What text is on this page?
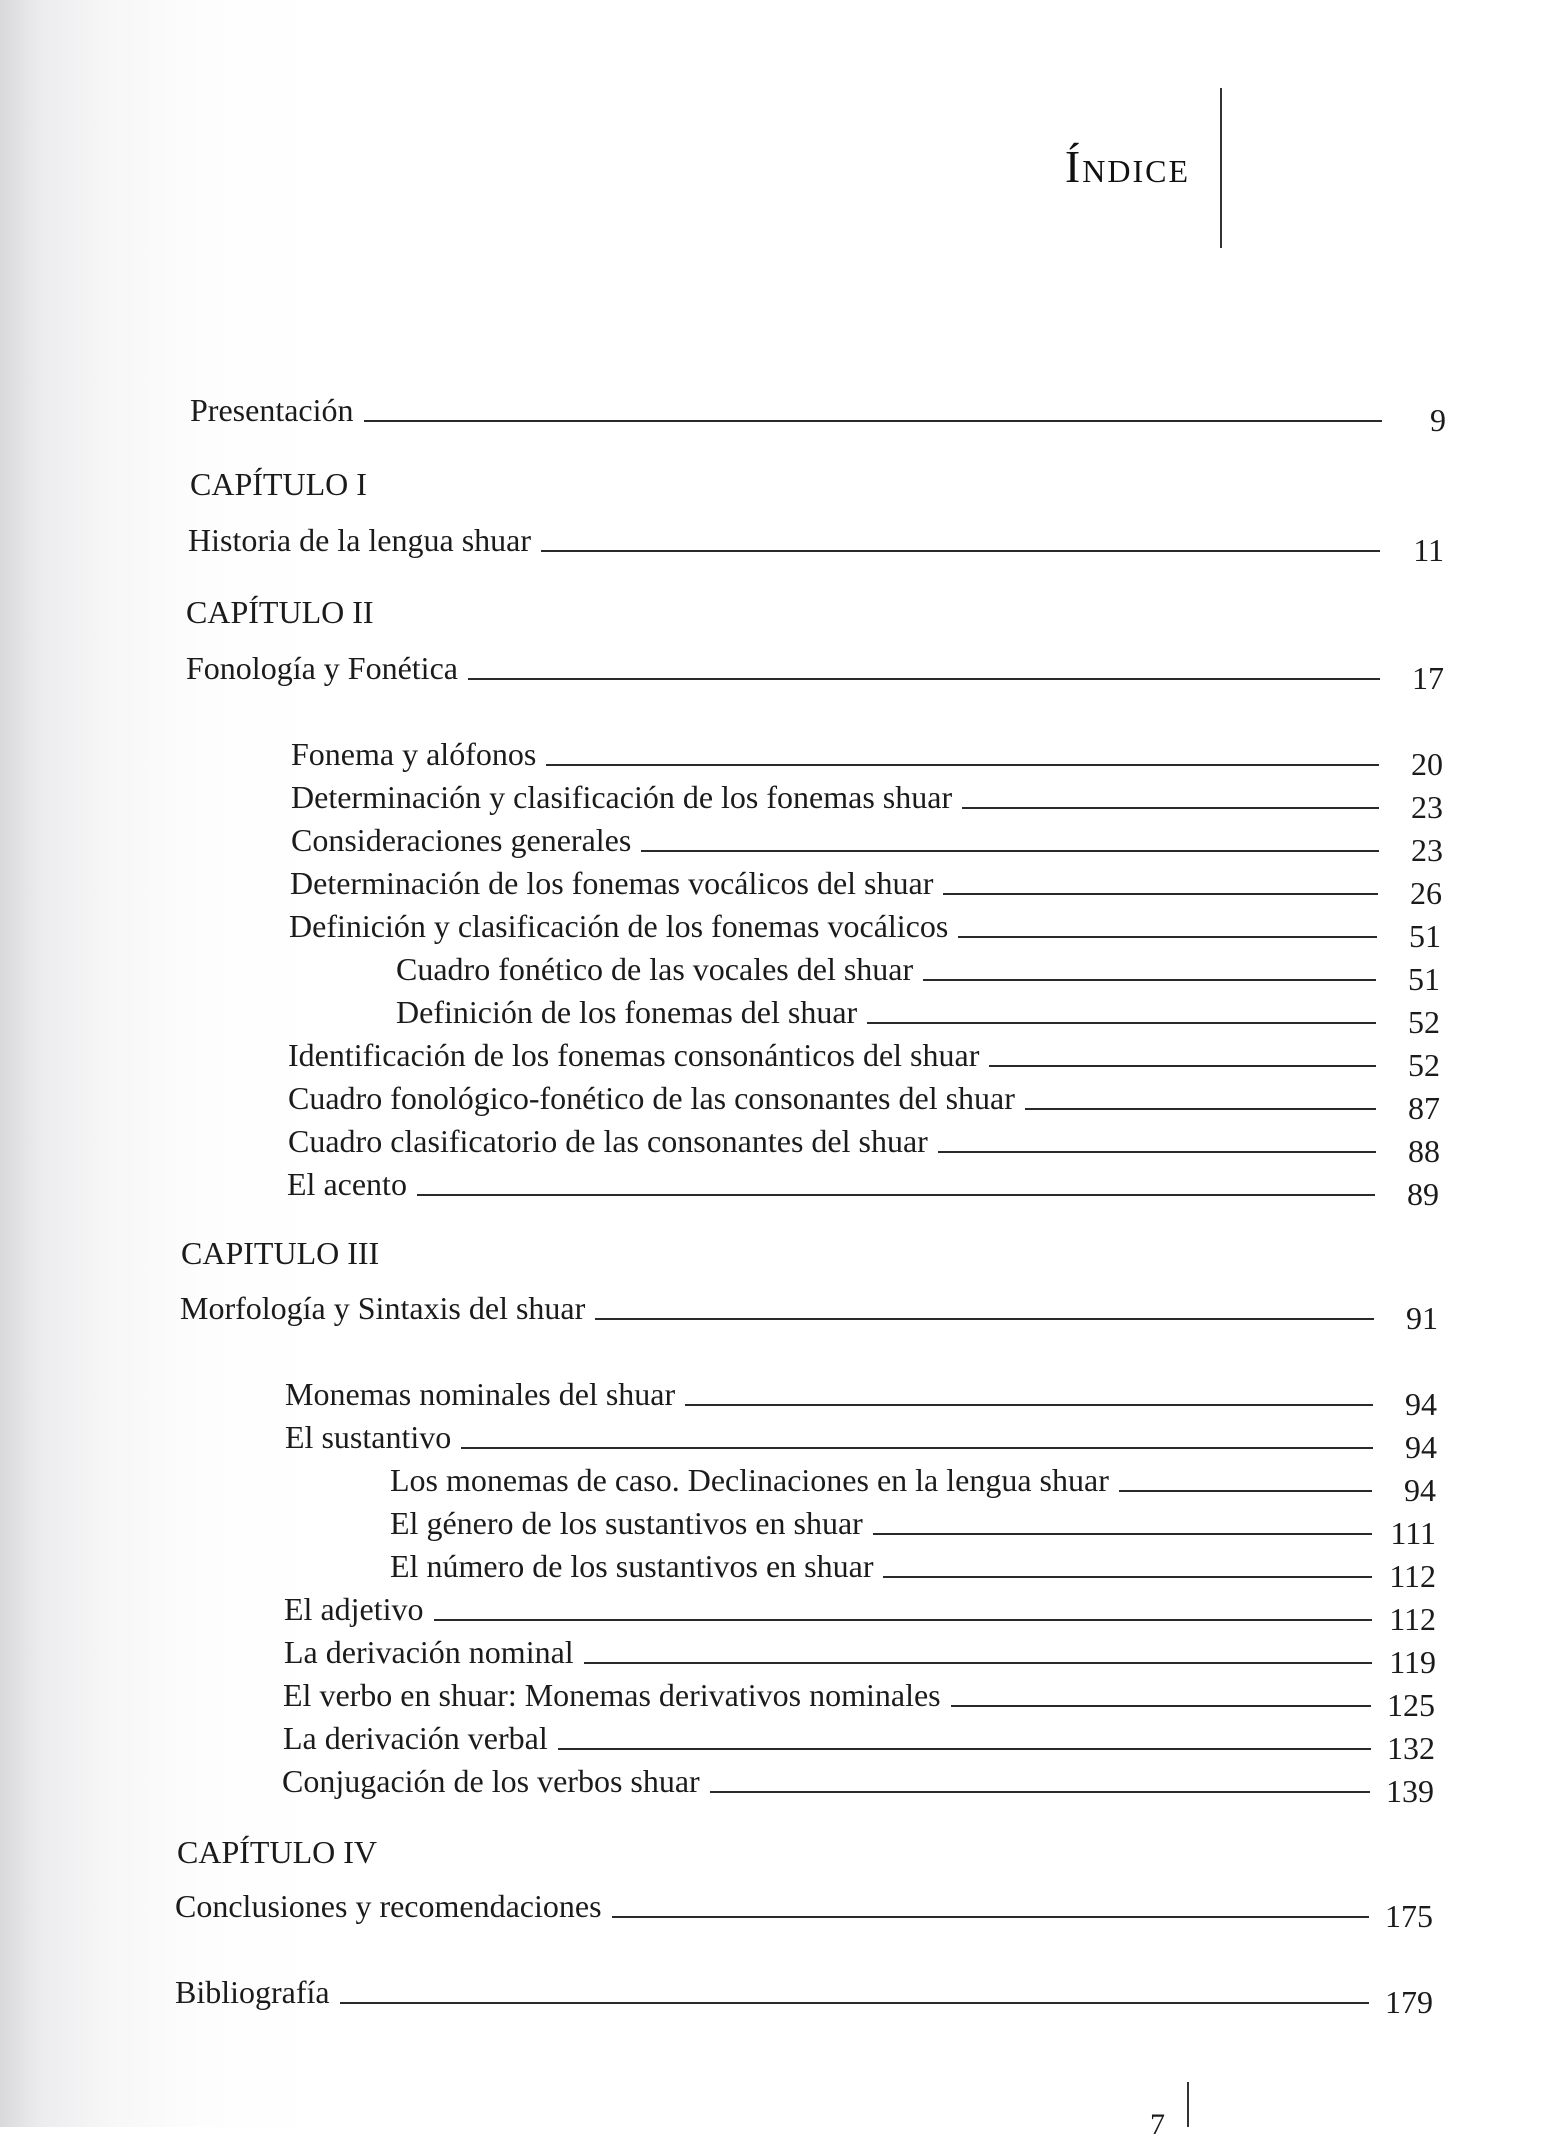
Índice
Presentación	9
CAPÍTULO I
Historia de la lengua shuar	11
CAPÍTULO II
Fonología y Fonética	17
Fonema y alófonos	20
Determinación y clasificación de los fonemas shuar	23
Consideraciones generales	23
Determinación de los fonemas vocálicos del shuar	26
Definición y clasificación de los fonemas vocálicos	51
Cuadro fonético de las vocales del shuar	51
Definición de los fonemas del shuar	52
Identificación de los fonemas consonánticos del shuar	52
Cuadro fonológico-fonético de las consonantes del shuar	87
Cuadro clasificatorio de las consonantes del shuar	88
El acento	89
CAPITULO III
Morfología y Sintaxis del shuar	91
Monemas nominales del shuar	94
El sustantivo	94
Los monemas de caso. Declinaciones en la lengua shuar	94
El género de los sustantivos en shuar	111
El número de los sustantivos en shuar	112
El adjetivo	112
La derivación nominal	119
El verbo en shuar: Monemas derivativos nominales	125
La derivación verbal	132
Conjugación de los verbos shuar	139
CAPÍTULO IV
Conclusiones y recomendaciones	175
Bibliografía	179
7
